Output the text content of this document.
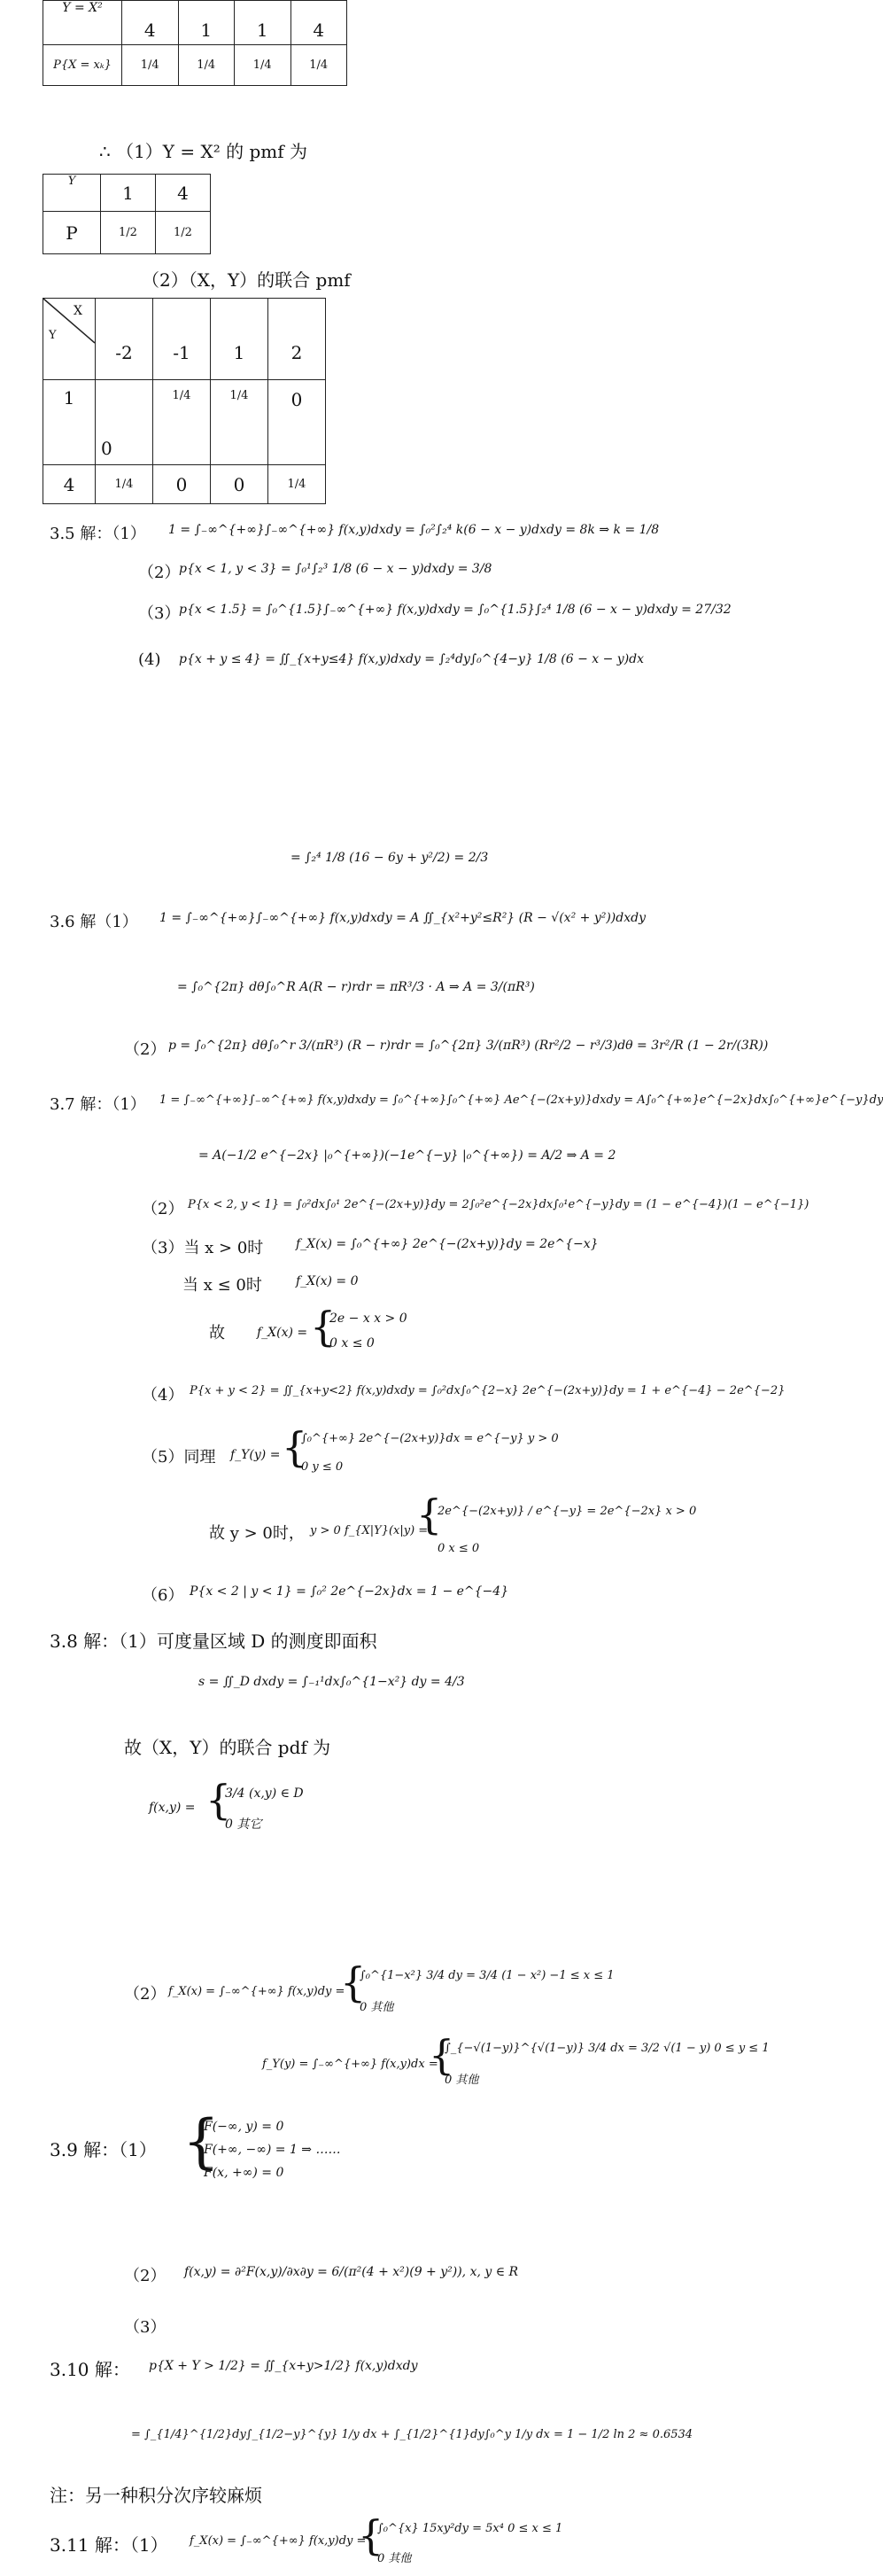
Y = X²	4	1	1	4
P{X = xₖ}	1/4	1/4	1/4	1/4
∴ （1）Y = X² 的 pmf 为
Y	1	4
P	1/2	1/2
（2）（X，Y）的联合 pmf
X
Y	-2	-1	1	2
1	0	1/4	1/4	0
4	1/4	0	0	1/4
3.5 解：（1） 1 = ∫₋∞^{+∞}∫₋∞^{+∞} f(x,y)dxdy = ∫₀²∫₂⁴ k(6 − x − y)dxdy = 8k ⇒ k = 1/8
（2）
p{x < 1, y < 3} = ∫₀¹∫₂³ 1/8 (6 − x − y)dxdy = 3/8
（3）
p{x < 1.5} = ∫₀^{1.5}∫₋∞^{+∞} f(x,y)dxdy = ∫₀^{1.5}∫₂⁴ 1/8 (6 − x − y)dxdy = 27/32
(4) p{x + y ≤ 4} = ∬_{x+y≤4} f(x,y)dxdy = ∫₂⁴dy∫₀^{4−y} 1/8 (6 − x − y)dx
= ∫₂⁴ 1/8 (16 − 6y + y²/2) = 2/3
3.6 解（1） 1 = ∫₋∞^{+∞}∫₋∞^{+∞} f(x,y)dxdy = A ∬_{x²+y²≤R²} (R − √(x² + y²))dxdy
= ∫₀^{2π} dθ∫₀^R A(R − r)rdr = πR³/3 · A ⇒ A = 3/(πR³)
（2） p = ∫₀^{2π} dθ∫₀^r 3/(πR³) (R − r)rdr = ∫₀^{2π} 3/(πR³) (Rr²/2 − r³/3)dθ = 3r²/R (1 − 2r/(3R))
3.7 解：（1） 1 = ∫₋∞^{+∞}∫₋∞^{+∞} f(x,y)dxdy = ∫₀^{+∞}∫₀^{+∞} Ae^{−(2x+y)}dxdy = A∫₀^{+∞}e^{−2x}dx∫₀^{+∞}e^{−y}dy
= A(−1/2 e^{−2x} |₀^{+∞})(−1e^{−y} |₀^{+∞}) = A/2 ⇒ A = 2
（2） P{x < 2, y < 1} = ∫₀²dx∫₀¹ 2e^{−(2x+y)}dy = 2∫₀²e^{−2x}dx∫₀¹e^{−y}dy = (1 − e^{−4})(1 − e^{−1})
（3）当 x > 0时	f_X(x) = ∫₀^{+∞} 2e^{−(2x+y)}dy = 2e^{−x}
当 x ≤ 0时	f_X(x) = 0
故	f_X(x) = {
2e − x x > 0
0 x ≤ 0
（4） P{x + y < 2} = ∬_{x+y<2} f(x,y)dxdy = ∫₀²dx∫₀^{2−x} 2e^{−(2x+y)}dy = 1 + e^{−4} − 2e^{−2}
（5）同理 f_Y(y) = {
∫₀^{+∞} 2e^{−(2x+y)}dx = e^{−y} y > 0
0 y ≤ 0
故 y > 0时， y > 0 f_{X|Y}(x|y) =
{
2e^{−(2x+y)} / e^{−y} = 2e^{−2x} x > 0
0 x ≤ 0
（6） P{x < 2 | y < 1} = ∫₀² 2e^{−2x}dx = 1 − e^{−4}
3.8 解：（1）可度量区域 D 的测度即面积
s = ∬_D dxdy = ∫₋₁¹dx∫₀^{1−x²} dy = 4/3
故（X，Y）的联合 pdf 为
f(x,y) = {
3/4 (x,y) ∈ D
0 其它
（2） f_X(x) = ∫₋∞^{+∞} f(x,y)dy =
{
∫₀^{1−x²} 3/4 dy = 3/4 (1 − x²) −1 ≤ x ≤ 1
0 其他
f_Y(y) = ∫₋∞^{+∞} f(x,y)dx =
{
∫_{−√(1−y)}^{√(1−y)} 3/4 dx = 3/2 √(1 − y) 0 ≤ y ≤ 1
0 其他
3.9 解：（1） {
F(−∞, y) = 0
F(+∞, −∞) = 1 ⇒ ……
F(x, +∞) = 0
（2） f(x,y) = ∂²F(x,y)/∂x∂y = 6/(π²(4 + x²)(9 + y²)), x, y ∈ R
（3）
3.10 解： p{X + Y > 1/2} = ∬_{x+y>1/2} f(x,y)dxdy
= ∫_{1/4}^{1/2}dy∫_{1/2−y}^{y} 1/y dx + ∫_{1/2}^{1}dy∫₀^y 1/y dx = 1 − 1/2 ln 2 ≈ 0.6534
注：另一种积分次序较麻烦
3.11 解：（1） f_X(x) = ∫₋∞^{+∞} f(x,y)dy =
{
∫₀^{x} 15xy²dy = 5x⁴ 0 ≤ x ≤ 1
0 其他
